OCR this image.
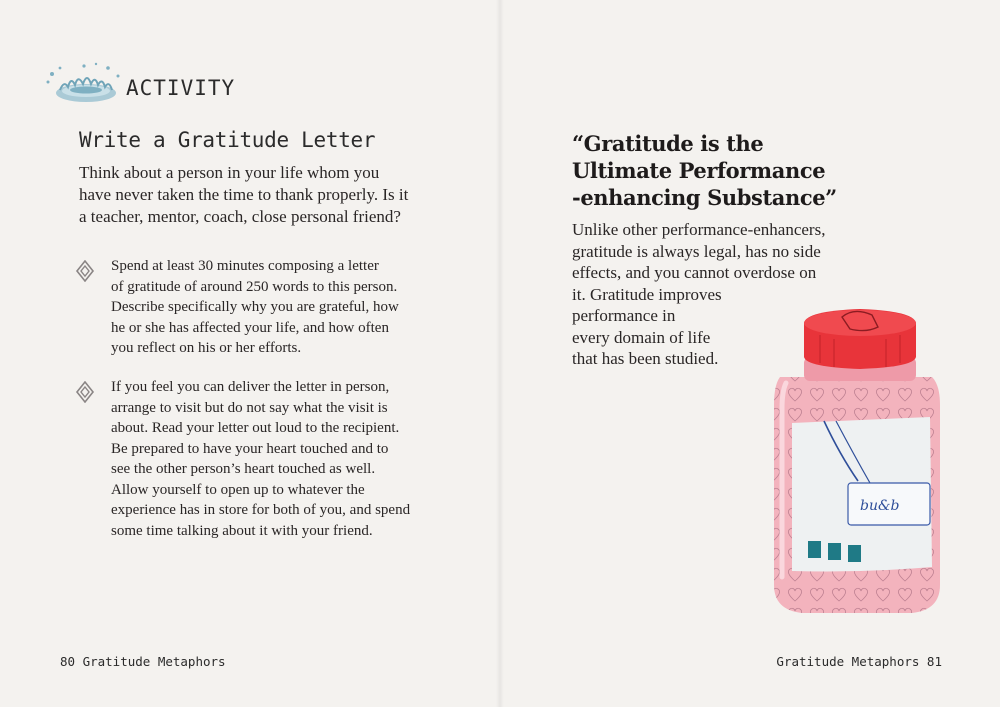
ACTIVITY
Write a Gratitude Letter

Think about a person in your life whom you
have never taken the time to thank properly. Is it
a teacher, mentor, coach, close personal friend?

Spend at least 30 minutes composing a letter
of gratitude of around 250 words to this person.
Describe specifically why you are grateful, how
he or she has affected your life, and how often
you reflect on his or her efforts.

If you feel you can deliver the letter in person,
arrange to visit but do not say what the visit is
about. Read your letter out loud to the recipient.
Be prepared to have your heart touched and to
see the other person’s heart touched as well.
Allow yourself to open up to whatever the
experience has in store for both of you, and spend
some time talking about it with your friend.

80 Gratitude Metaphors
“Gratitude is the
Ultimate Performance
-enhancing Substance”

Unlike other performance-enhancers,
gratitude is always legal, has no side
effects, and you cannot overdose on
it. Gratitude improves
performance in
every domain of life
that has been studied.

bu&b
Gratitude Metaphors 81
